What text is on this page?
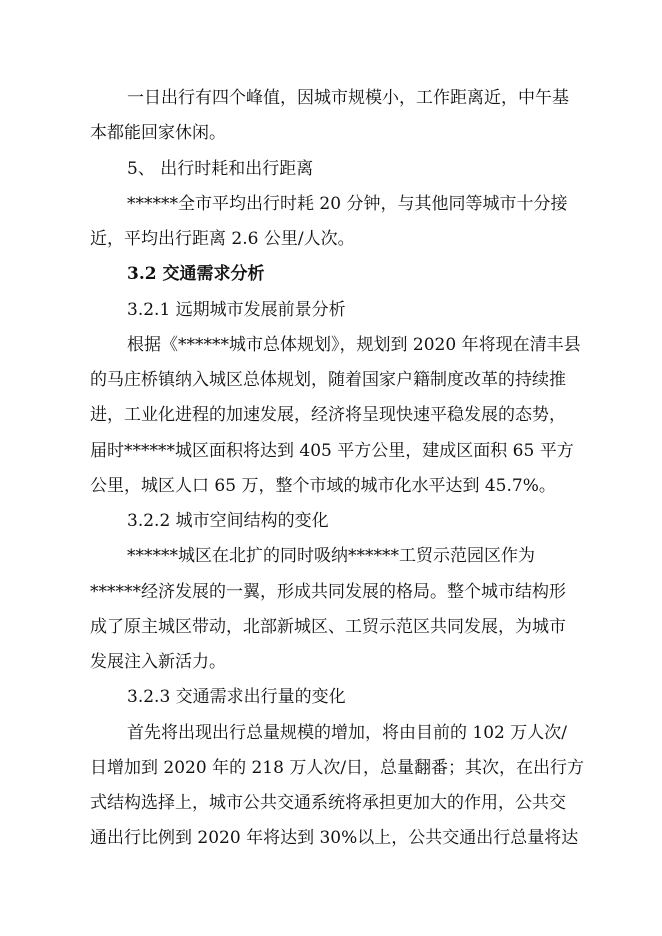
一日出行有四个峰值，因城市规模小，工作距离近，中午基
本都能回家休闲。
5、 出行时耗和出行距离
******全市平均出行时耗 20 分钟，与其他同等城市十分接
近，平均出行距离 2.6 公里/人次。
3.2 交通需求分析
3.2.1 远期城市发展前景分析
根据《******城市总体规划》，规划到 2020 年将现在清丰县
的马庄桥镇纳入城区总体规划，随着国家户籍制度改革的持续推
进，工业化进程的加速发展，经济将呈现快速平稳发展的态势，
届时******城区面积将达到 405 平方公里，建成区面积 65 平方
公里，城区人口 65 万，整个市域的城市化水平达到 45.7%。
3.2.2 城市空间结构的变化
******城区在北扩的同时吸纳******工贸示范园区作为
******经济发展的一翼，形成共同发展的格局。整个城市结构形
成了原主城区带动，北部新城区、工贸示范区共同发展，为城市
发展注入新活力。
3.2.3 交通需求出行量的变化
首先将出现出行总量规模的增加，将由目前的 102 万人次/
日增加到 2020 年的 218 万人次/日，总量翻番；其次，在出行方
式结构选择上，城市公共交通系统将承担更加大的作用，公共交
通出行比例到 2020 年将达到 30%以上，公共交通出行总量将达
